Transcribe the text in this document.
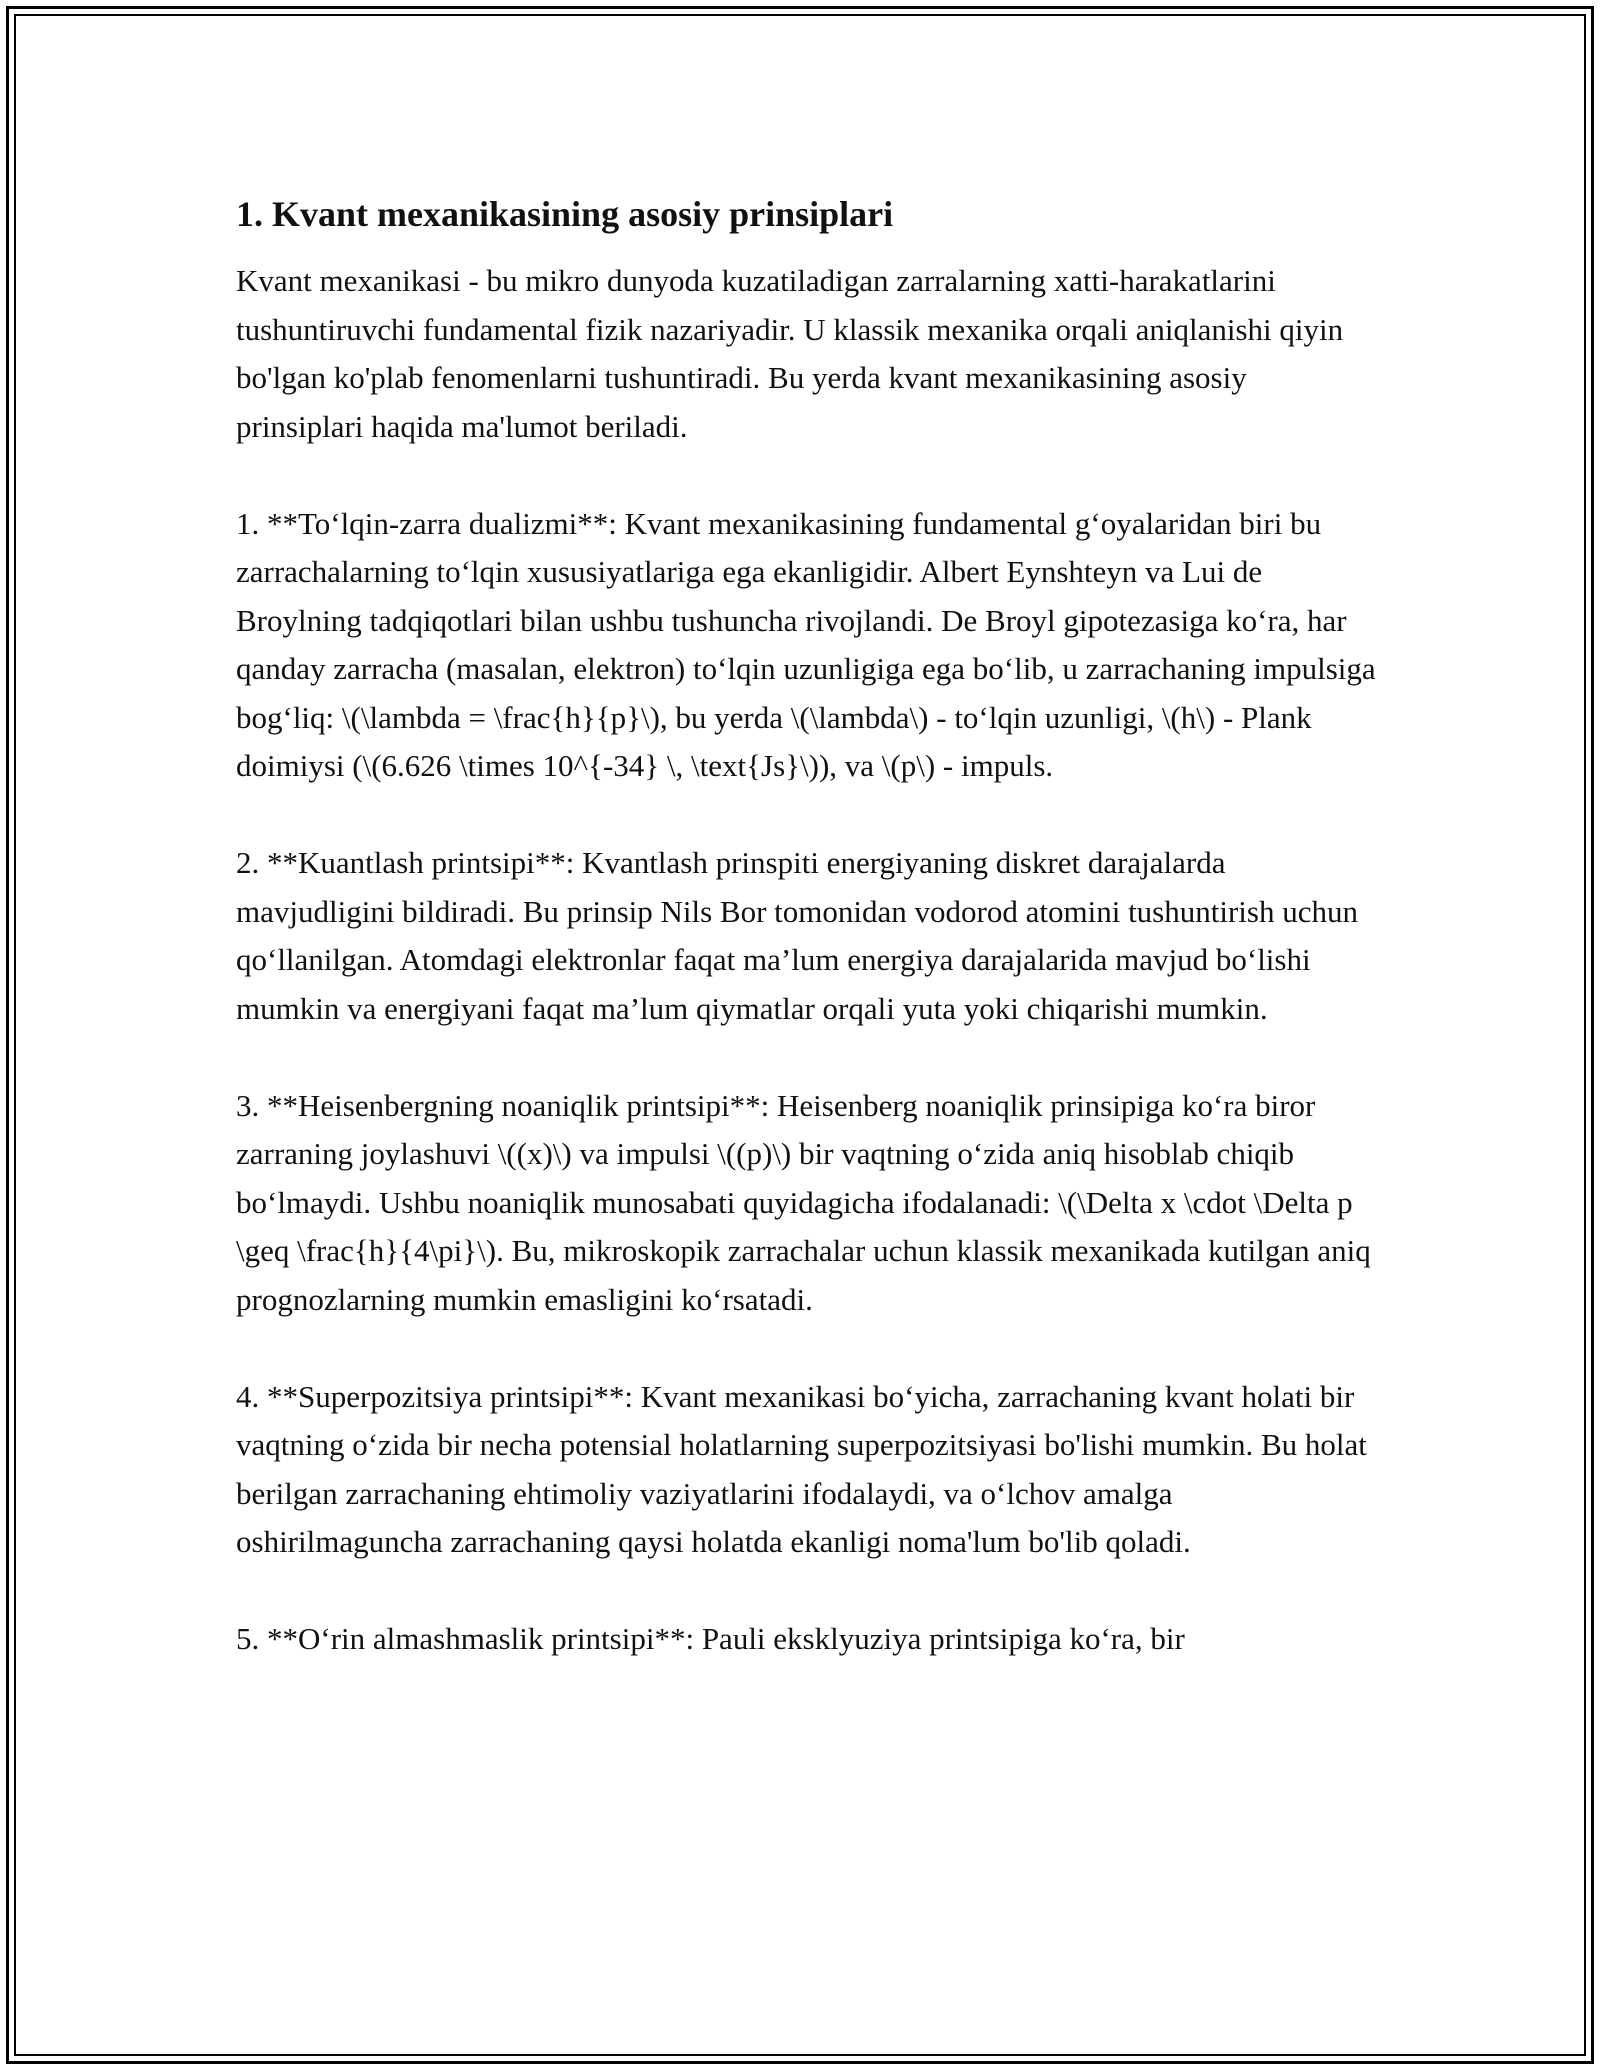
1. Kvant mexanikasining asosiy prinsiplari

Kvant mexanikasi - bu mikro dunyoda kuzatiladigan zarralarning xatti-harakatlarini tushuntiruvchi fundamental fizik nazariyadir. U klassik mexanika orqali aniqlanishi qiyin bo'lgan ko'plab fenomenlarni tushuntiradi. Bu yerda kvant mexanikasining asosiy prinsiplari haqida ma'lumot beriladi.

1. **To‘lqin-zarra dualizmi**: Kvant mexanikasining fundamental g‘oyalaridan biri bu zarrachalarning to‘lqin xususiyatlariga ega ekanligidir. Albert Eynshteyn va Lui de Broylning tadqiqotlari bilan ushbu tushuncha rivojlandi. De Broyl gipotezasiga ko‘ra, har qanday zarracha (masalan, elektron) to‘lqin uzunligiga ega bo‘lib, u zarrachaning impulsiga bog‘liq: \(\lambda = \frac{h}{p}\), bu yerda \(\lambda\) - to‘lqin uzunligi, \(h\) - Plank doimiysi (\(6.626 \times 10^{-34} \, \text{Js}\)), va \(p\) - impuls.

2. **Kuantlash printsipi**: Kvantlash prinspiti energiyaning diskret darajalarda mavjudligini bildiradi. Bu prinsip Nils Bor tomonidan vodorod atomini tushuntirish uchun qo‘llanilgan. Atomdagi elektronlar faqat ma’lum energiya darajalarida mavjud bo‘lishi mumkin va energiyani faqat ma’lum qiymatlar orqali yuta yoki chiqarishi mumkin.

3. **Heisenbergning noaniqlik printsipi**: Heisenberg noaniqlik prinsipiga ko‘ra biror zarraning joylashuvi \((x)\) va impulsi \((p)\) bir vaqtning o‘zida aniq hisoblab chiqib bo‘lmaydi. Ushbu noaniqlik munosabati quyidagicha ifodalanadi: \(\Delta x \cdot \Delta p \geq \frac{h}{4\pi}\). Bu, mikroskopik zarrachalar uchun klassik mexanikada kutilgan aniq prognozlarning mumkin emasligini ko‘rsatadi.

4. **Superpozitsiya printsipi**: Kvant mexanikasi bo‘yicha, zarrachaning kvant holati bir vaqtning o‘zida bir necha potensial holatlarning superpozitsiyasi bo'lishi mumkin. Bu holat berilgan zarrachaning ehtimoliy vaziyatlarini ifodalaydi, va o‘lchov amalga oshirilmaguncha zarrachaning qaysi holatda ekanligi noma'lum bo'lib qoladi.

5. **O‘rin almashmaslik printsipi**: Pauli eksklyuziya printsipiga ko‘ra, bir
